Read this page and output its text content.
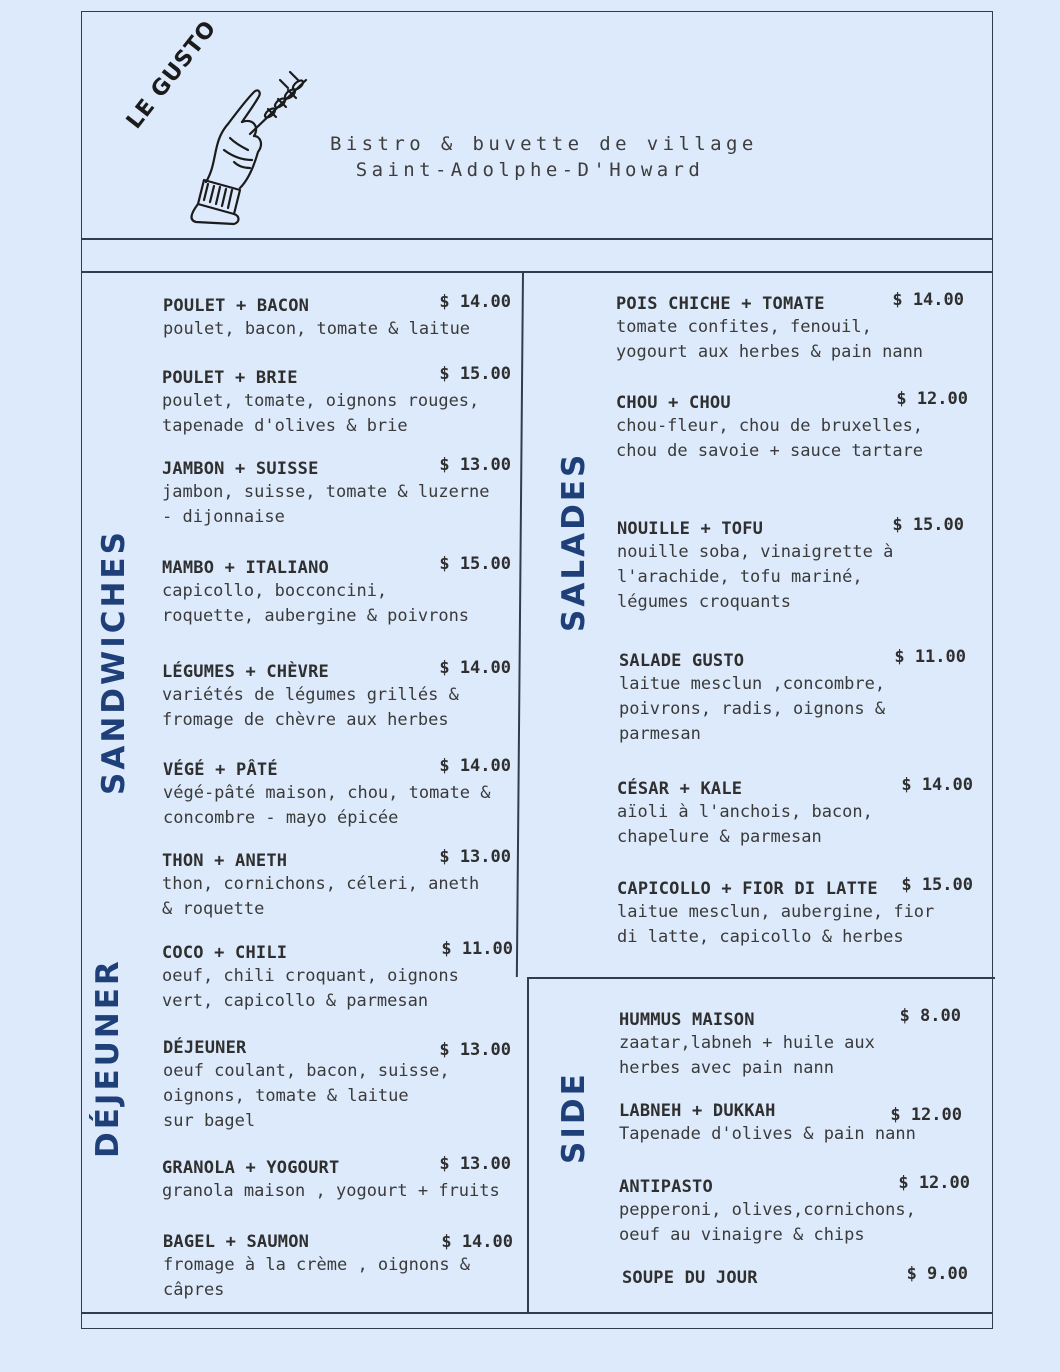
LE GUSTO
Bistro & buvette de village
Saint-Adolphe-D'Howard
SANDWICHES
DÉJEUNER
SALADES
SIDE
POULET + BACON	$ 14.00
poulet, bacon, tomate & laitue
POULET + BRIE	$ 15.00
poulet, tomate, oignons rouges,
tapenade d'olives & brie
JAMBON + SUISSE	$ 13.00
jambon, suisse, tomate & luzerne
- dijonnaise
MAMBO + ITALIANO	$ 15.00
capicollo, bocconcini,
roquette, aubergine & poivrons
LÉGUMES + CHÈVRE	$ 14.00
variétés de légumes grillés &
fromage de chèvre aux herbes
VÉGÉ + PÂTÉ	$ 14.00
végé-pâté maison, chou, tomate &
concombre - mayo épicée
THON + ANETH	$ 13.00
thon, cornichons, céleri, aneth
& roquette
COCO + CHILI	$ 11.00
oeuf, chili croquant, oignons
vert, capicollo & parmesan
DÉJEUNER	$ 13.00
oeuf coulant, bacon, suisse,
oignons, tomate & laitue
sur bagel
GRANOLA + YOGOURT	$ 13.00
granola maison , yogourt + fruits
BAGEL + SAUMON	$ 14.00
fromage à la crème , oignons &
câpres
POIS CHICHE + TOMATE	$ 14.00
tomate confites, fenouil,
yogourt aux herbes & pain nann
CHOU + CHOU	$ 12.00
chou-fleur, chou de bruxelles,
chou de savoie + sauce tartare
NOUILLE + TOFU	$ 15.00
nouille soba, vinaigrette à
l'arachide, tofu mariné,
légumes croquants
SALADE GUSTO	$ 11.00
laitue mesclun ,concombre,
poivrons, radis, oignons &
parmesan
CÉSAR + KALE	$ 14.00
aïoli à l'anchois, bacon,
chapelure & parmesan
CAPICOLLO + FIOR DI LATTE	$ 15.00
laitue mesclun, aubergine, fior
di latte, capicollo & herbes
HUMMUS MAISON	$ 8.00
zaatar,labneh + huile aux
herbes avec pain nann
LABNEH + DUKKAH	$ 12.00
Tapenade d'olives & pain nann
ANTIPASTO	$ 12.00
pepperoni, olives,cornichons,
oeuf au vinaigre & chips
SOUPE DU JOUR	$ 9.00
